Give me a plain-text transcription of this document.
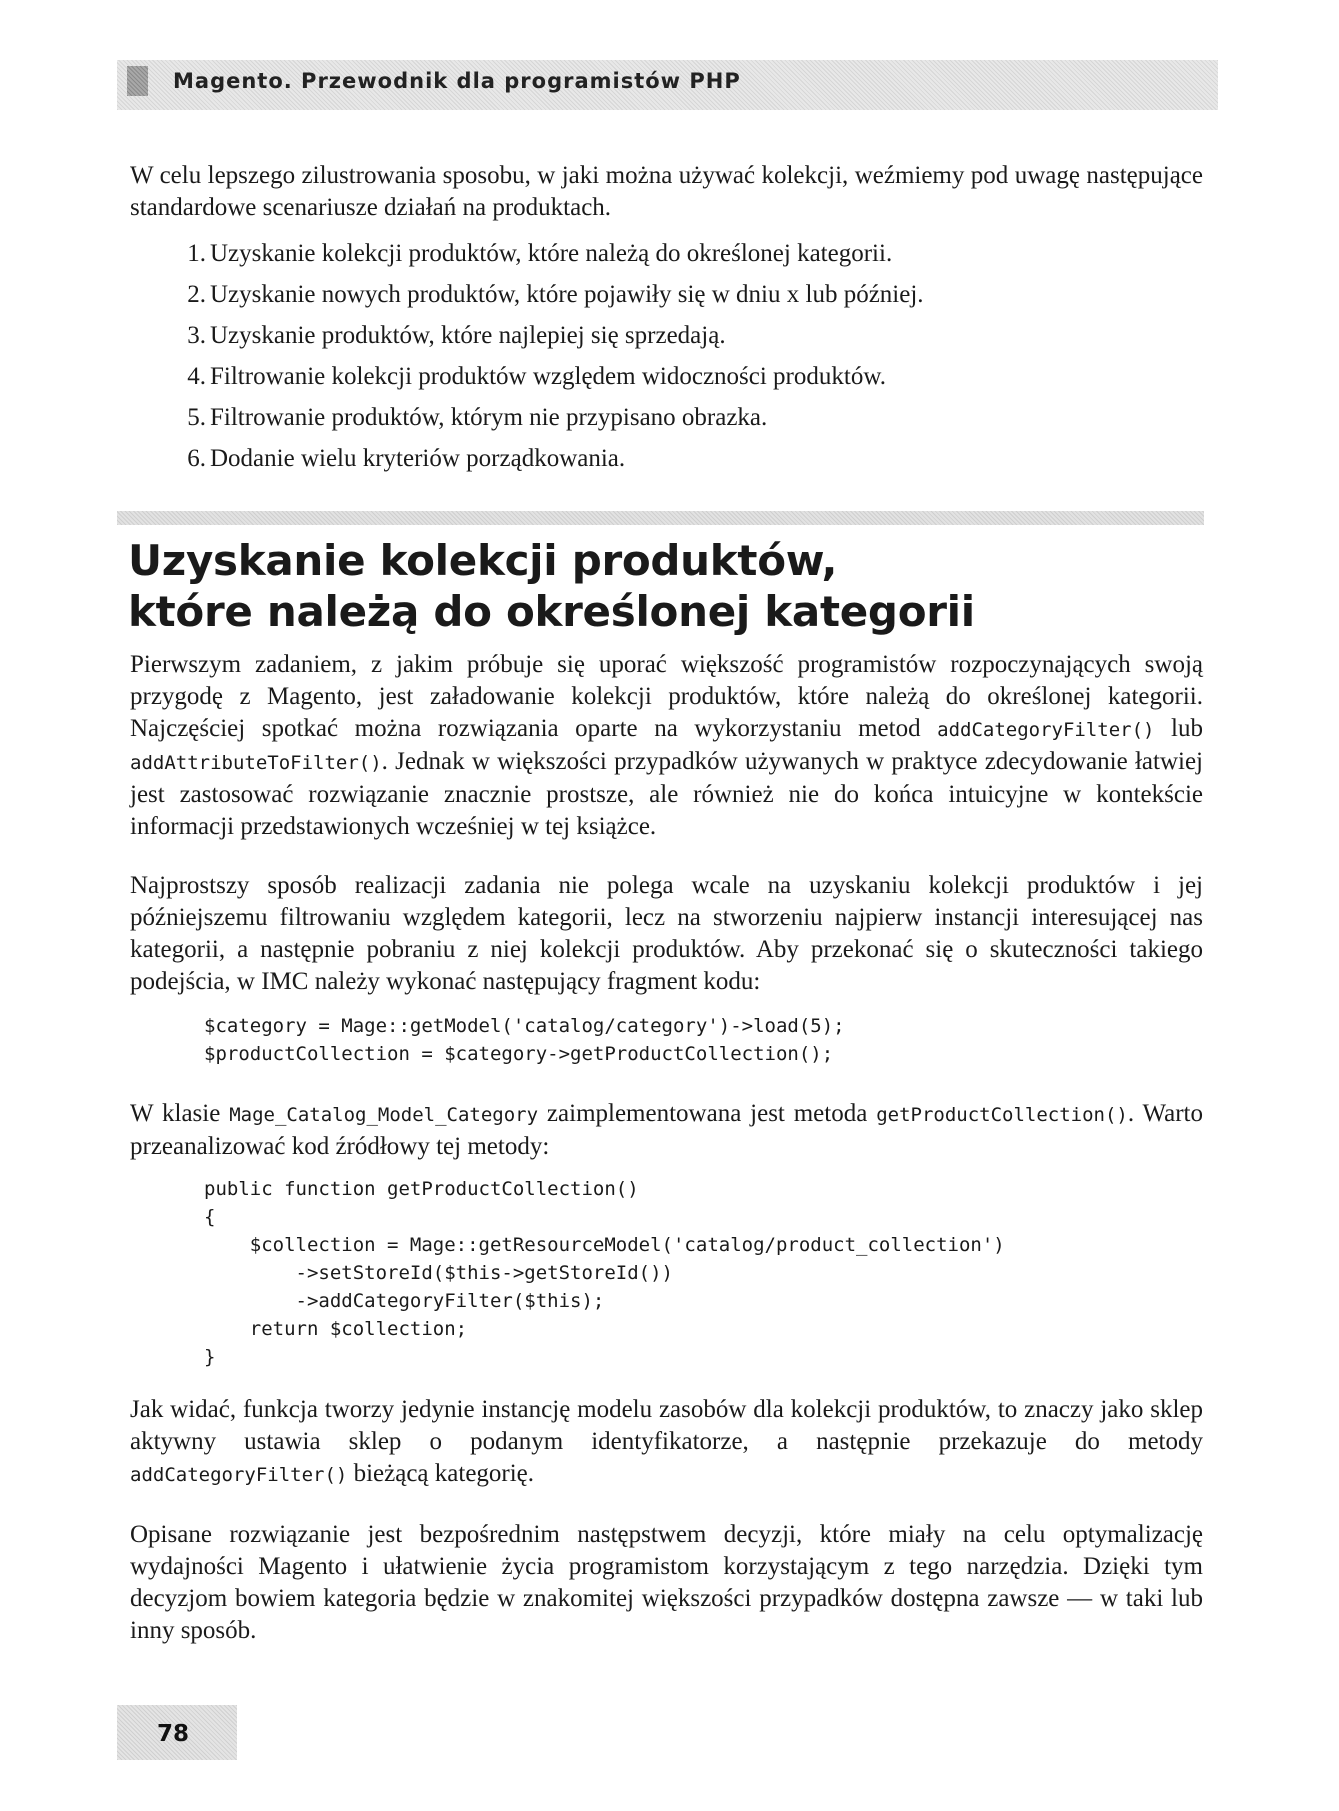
Magento. Przewodnik dla programistów PHP

W celu lepszego zilustrowania sposobu, w jaki można używać kolekcji, weźmiemy pod uwagę następujące standardowe scenariusze działań na produktach.

1. Uzyskanie kolekcji produktów, które należą do określonej kategorii.
2. Uzyskanie nowych produktów, które pojawiły się w dniu x lub później.
3. Uzyskanie produktów, które najlepiej się sprzedają.
4. Filtrowanie kolekcji produktów względem widoczności produktów.
5. Filtrowanie produktów, którym nie przypisano obrazka.
6. Dodanie wielu kryteriów porządkowania.
Uzyskanie kolekcji produktów,
które należą do określonej kategorii

Pierwszym zadaniem, z jakim próbuje się uporać większość programistów rozpoczynających swoją przygodę z Magento, jest załadowanie kolekcji produktów, które należą do określonej kategorii. Najczęściej spotkać można rozwiązania oparte na wykorzystaniu metod addCategoryFilter() lub addAttributeToFilter(). Jednak w większości przypadków używanych w praktyce zdecydowanie łatwiej jest zastosować rozwiązanie znacznie prostsze, ale również nie do końca intuicyjne w kontekście informacji przedstawionych wcześniej w tej książce.

Najprostszy sposób realizacji zadania nie polega wcale na uzyskaniu kolekcji produktów i jej późniejszemu filtrowaniu względem kategorii, lecz na stworzeniu najpierw instancji interesującej nas kategorii, a następnie pobraniu z niej kolekcji produktów. Aby przekonać się o skuteczności takiego podejścia, w IMC należy wykonać następujący fragment kodu:

$category = Mage::getModel('catalog/category')->load(5);
$productCollection = $category->getProductCollection();

W klasie Mage_Catalog_Model_Category zaimplementowana jest metoda getProductCollection(). Warto przeanalizować kod źródłowy tej metody:

public function getProductCollection()
{
$collection = Mage::getResourceModel('catalog/product_collection')
->setStoreId($this->getStoreId())
->addCategoryFilter($this);
return $collection;
}

Jak widać, funkcja tworzy jedynie instancję modelu zasobów dla kolekcji produktów, to znaczy jako sklep aktywny ustawia sklep o podanym identyfikatorze, a następnie przekazuje do metody addCategoryFilter() bieżącą kategorię.

Opisane rozwiązanie jest bezpośrednim następstwem decyzji, które miały na celu optymalizację wydajności Magento i ułatwienie życia programistom korzystającym z tego narzędzia. Dzięki tym decyzjom bowiem kategoria będzie w znakomitej większości przypadków dostępna zawsze — w taki lub inny sposób.

78
